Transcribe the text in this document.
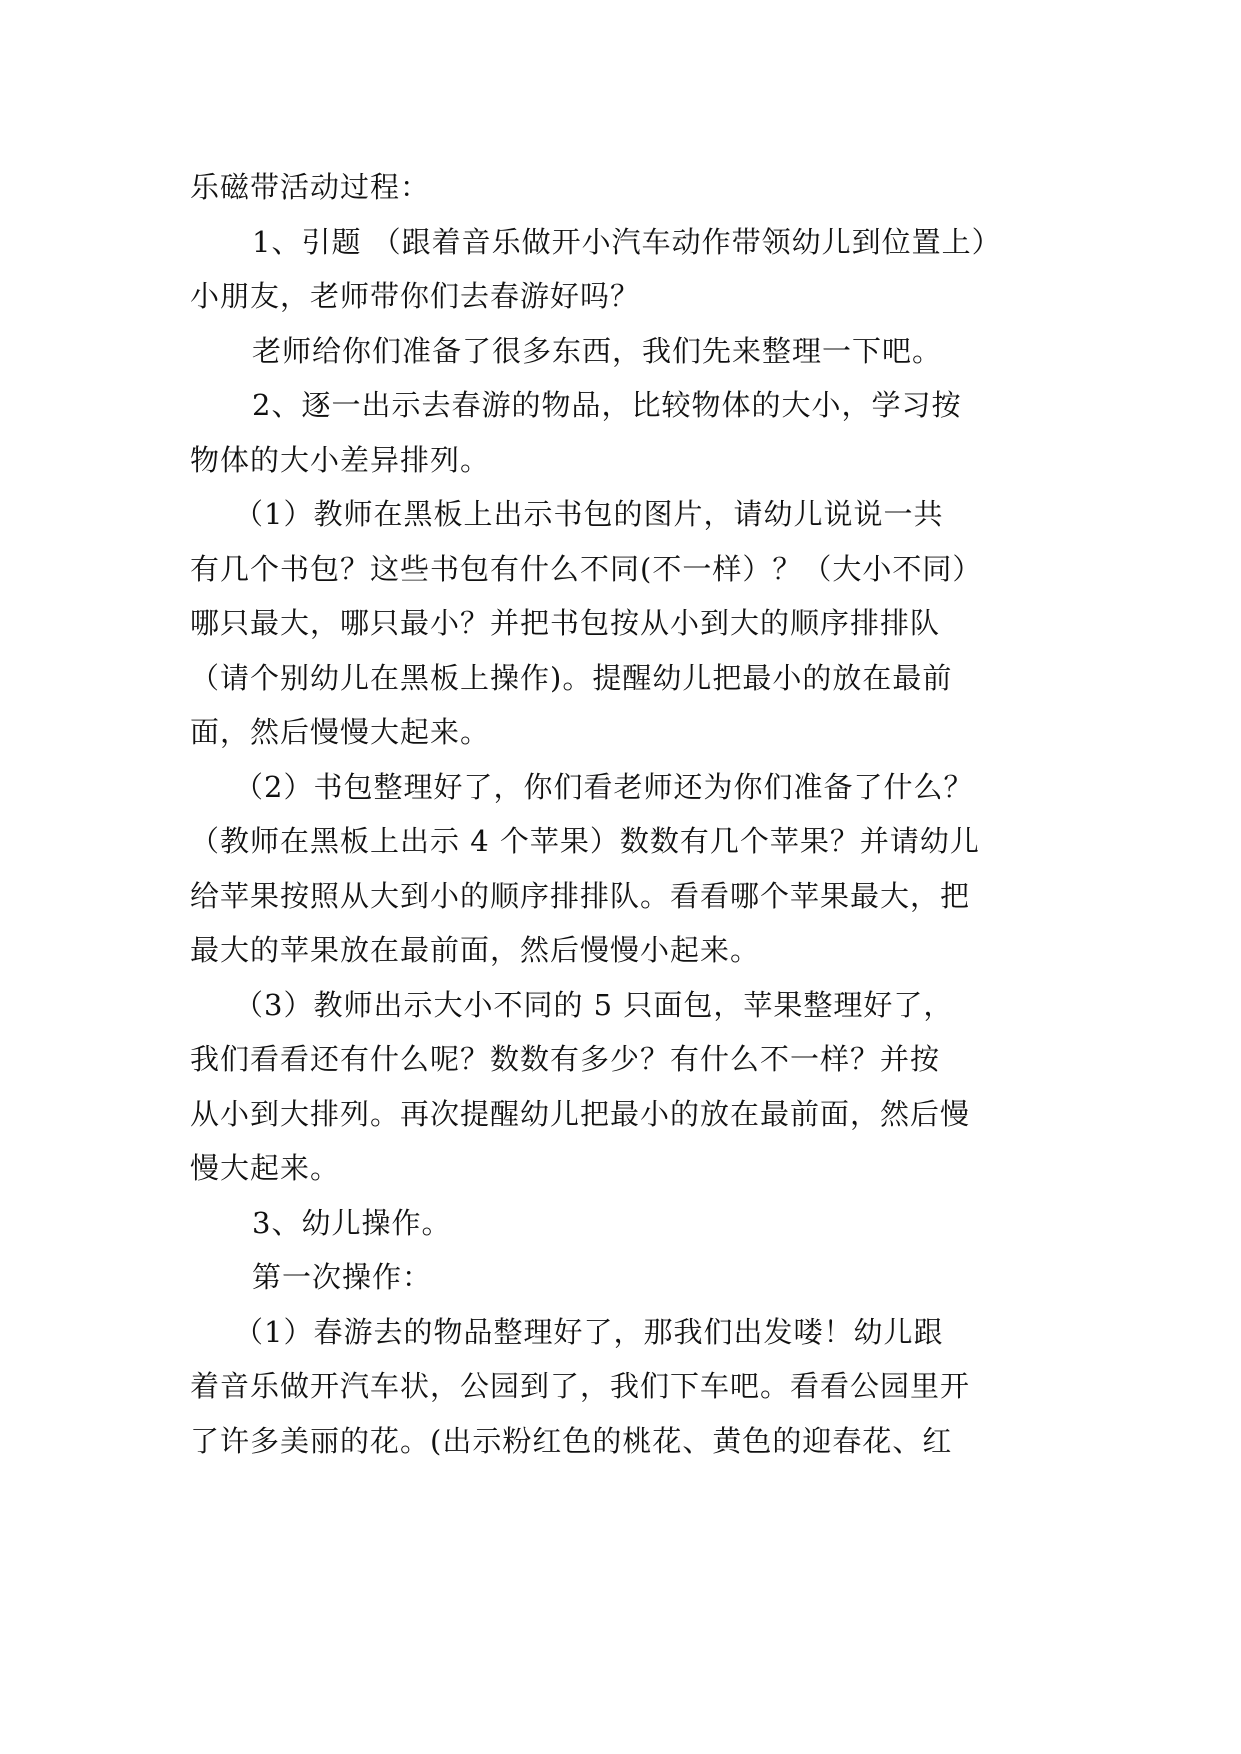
乐磁带活动过程：
1、引题 （跟着音乐做开小汽车动作带领幼儿到位置上）
小朋友，老师带你们去春游好吗？
老师给你们准备了很多东西，我们先来整理一下吧。
2、逐一出示去春游的物品，比较物体的大小，学习按
物体的大小差异排列。
（1）教师在黑板上出示书包的图片，请幼儿说说一共
有几个书包？这些书包有什么不同(不一样）？（大小不同）
哪只最大，哪只最小？并把书包按从小到大的顺序排排队
（请个别幼儿在黑板上操作)。提醒幼儿把最小的放在最前
面，然后慢慢大起来。
（2）书包整理好了，你们看老师还为你们准备了什么？
（教师在黑板上出示 4 个苹果）数数有几个苹果？并请幼儿
给苹果按照从大到小的顺序排排队。看看哪个苹果最大，把
最大的苹果放在最前面，然后慢慢小起来。
（3）教师出示大小不同的 5 只面包，苹果整理好了，
我们看看还有什么呢？数数有多少？有什么不一样？并按
从小到大排列。再次提醒幼儿把最小的放在最前面，然后慢
慢大起来。
3、幼儿操作。
第一次操作：
（1）春游去的物品整理好了，那我们出发喽！幼儿跟
着音乐做开汽车状，公园到了，我们下车吧。看看公园里开
了许多美丽的花。(出示粉红色的桃花、黄色的迎春花、红
